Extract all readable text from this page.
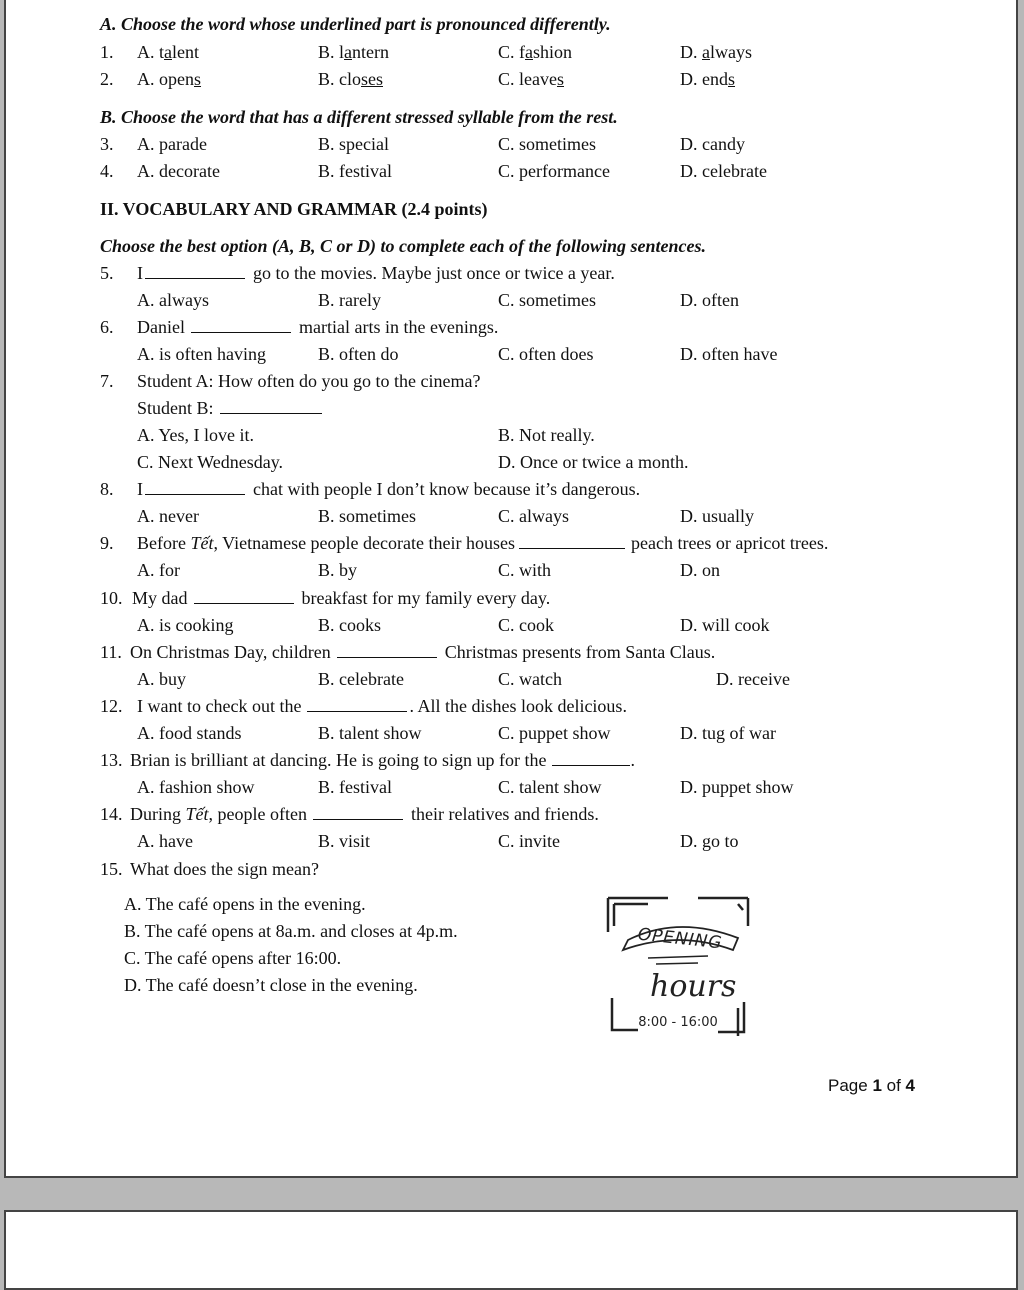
A. Choose the word whose underlined part is pronounced differently.
1. A. talent	B. lantern	C. fashion	D. always
2. A. opens	B. closes	C. leaves	D. ends
B. Choose the word that has a different stressed syllable from the rest.
3. A. parade	B. special	C. sometimes	D. candy
4. A. decorate	B. festival	C. performance	D. celebrate
II. VOCABULARY AND GRAMMAR (2.4 points)
Choose the best option (A, B, C or D) to complete each of the following sentences.
5. I	go to the movies. Maybe just once or twice a year.
A. always	B. rarely	C. sometimes	D. often
6. Daniel	martial arts in the evenings.
A. is often having	B. often do	C. often does	D. often have
7. Student A: How often do you go to the cinema?
Student B:
A. Yes, I love it.	B. Not really.
C. Next Wednesday.	D. Once or twice a month.
8. I	chat with people I don’t know because it’s dangerous.
A. never	B. sometimes	C. always	D. usually
9. Before Tết, Vietnamese people decorate their houses	peach trees or apricot trees.
A. for	B. by	C. with	D. on
10. My dad	breakfast for my family every day.
A. is cooking	B. cooks	C. cook	D. will cook
11. On Christmas Day, children	Christmas presents from Santa Claus.
A. buy	B. celebrate	C. watch	D. receive
12. I want to check out the	. All the dishes look delicious.
A. food stands	B. talent show	C. puppet show	D. tug of war
13. Brian is brilliant at dancing. He is going to sign up for the	.
A. fashion show	B. festival	C. talent show	D. puppet show
14. During Tết, people often	their relatives and friends.
A. have	B. visit	C. invite	D. go to
15. What does the sign mean?
A. The café opens in the evening.
B. The café opens at 8a.m. and closes at 4p.m.
C. The café opens after 16:00.
D. The café doesn’t close in the evening.
OPENING
hours
8:00 - 16:00
Page 1 of 4
